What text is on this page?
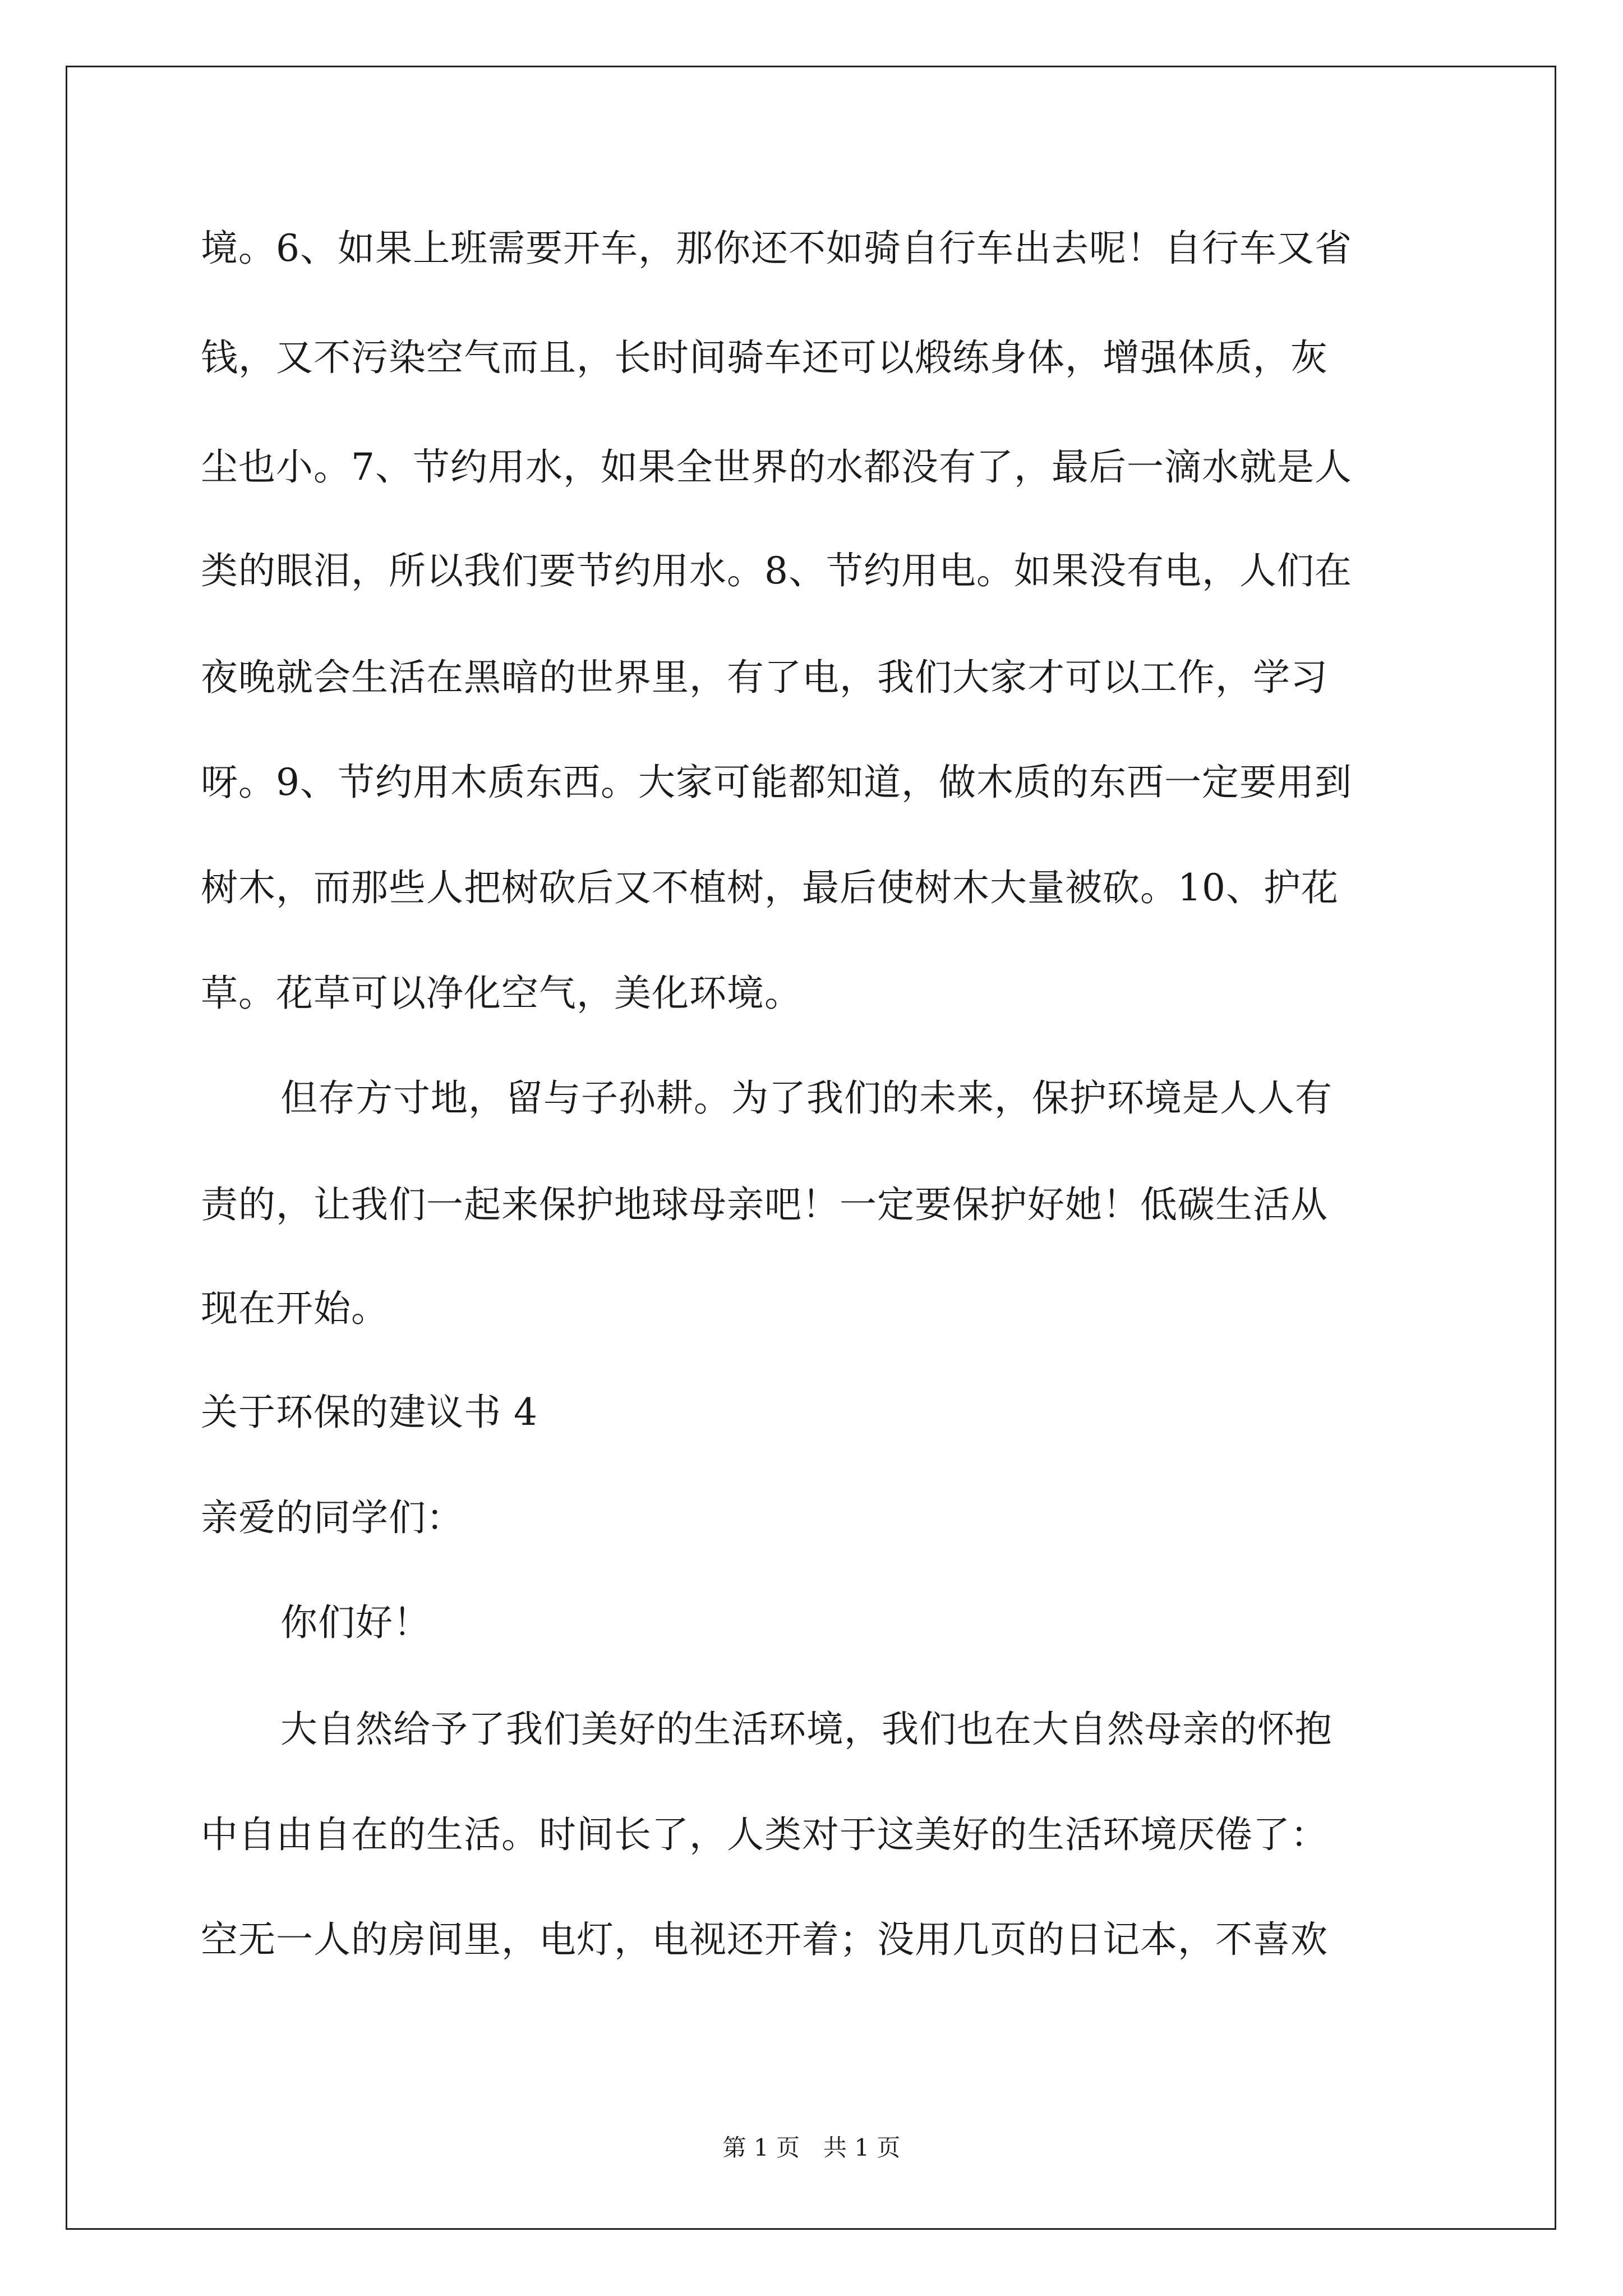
境。6、如果上班需要开车，那你还不如骑自行车出去呢！自行车又省
钱，又不污染空气而且，长时间骑车还可以煅练身体，增强体质，灰
尘也小。7、节约用水，如果全世界的水都没有了，最后一滴水就是人
类的眼泪，所以我们要节约用水。8、节约用电。如果没有电，人们在
夜晚就会生活在黑暗的世界里，有了电，我们大家才可以工作，学习
呀。9、节约用木质东西。大家可能都知道，做木质的东西一定要用到
树木，而那些人把树砍后又不植树，最后使树木大量被砍。10、护花
草。花草可以净化空气，美化环境。
但存方寸地，留与子孙耕。为了我们的未来，保护环境是人人有
责的，让我们一起来保护地球母亲吧！一定要保护好她！低碳生活从
现在开始。
关于环保的建议书 4
亲爱的同学们：
你们好！
大自然给予了我们美好的生活环境，我们也在大自然母亲的怀抱
中自由自在的生活。时间长了，人类对于这美好的生活环境厌倦了：
空无一人的房间里，电灯，电视还开着；没用几页的日记本，不喜欢
第 1 页　共 1 页
